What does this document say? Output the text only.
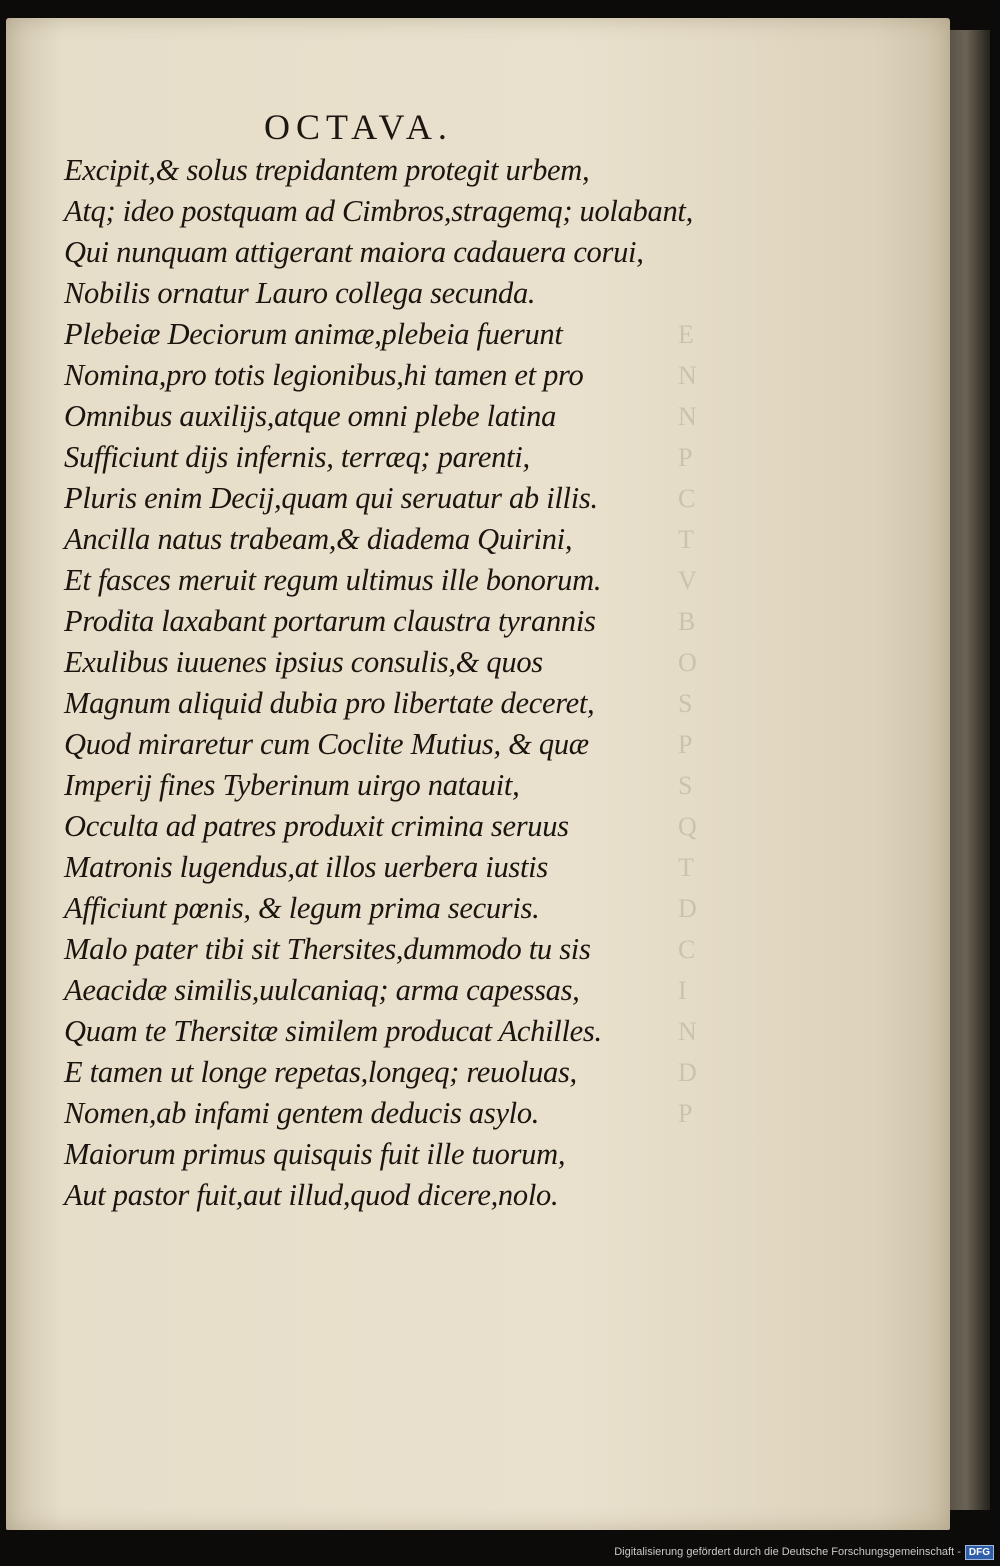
E
N
N
P
C
T
V
B
O
S
P
S
Q
T
D
C
I
N
D
P
OCTAVA.
Excipit,& solus trepidantem protegit urbem,
Atq; ideo postquam ad Cimbros,stragemq; uolabant,
Qui nunquam attigerant maiora cadauera corui,
Nobilis ornatur Lauro collega secunda.
Plebeiæ Deciorum animæ,plebeia fuerunt
Nomina,pro totis legionibus,hi tamen et pro
Omnibus auxilijs,atque omni plebe latina
Sufficiunt dijs infernis, terræq; parenti,
Pluris enim Decij,quam qui seruatur ab illis.
Ancilla natus trabeam,& diadema Quirini,
Et fasces meruit regum ultimus ille bonorum.
Prodita laxabant portarum claustra tyrannis
Exulibus iuuenes ipsius consulis,& quos
Magnum aliquid dubia pro libertate deceret,
Quod miraretur cum Coclite Mutius, & quæ
Imperij fines Tyberinum uirgo natauit,
Occulta ad patres produxit crimina seruus
Matronis lugendus,at illos uerbera iustis
Afficiunt pœnis, & legum prima securis.
Malo pater tibi sit Thersites,dummodo tu sis
Aeacidæ similis,uulcaniaq; arma capessas,
Quam te Thersitæ similem producat Achilles.
E tamen ut longe repetas,longeq; reuoluas,
Nomen,ab infami gentem deducis asylo.
Maiorum primus quisquis fuit ille tuorum,
Aut pastor fuit,aut illud,quod dicere,nolo.
Digitalisierung gefördert durch die Deutsche Forschungsgemeinschaft - DFG
